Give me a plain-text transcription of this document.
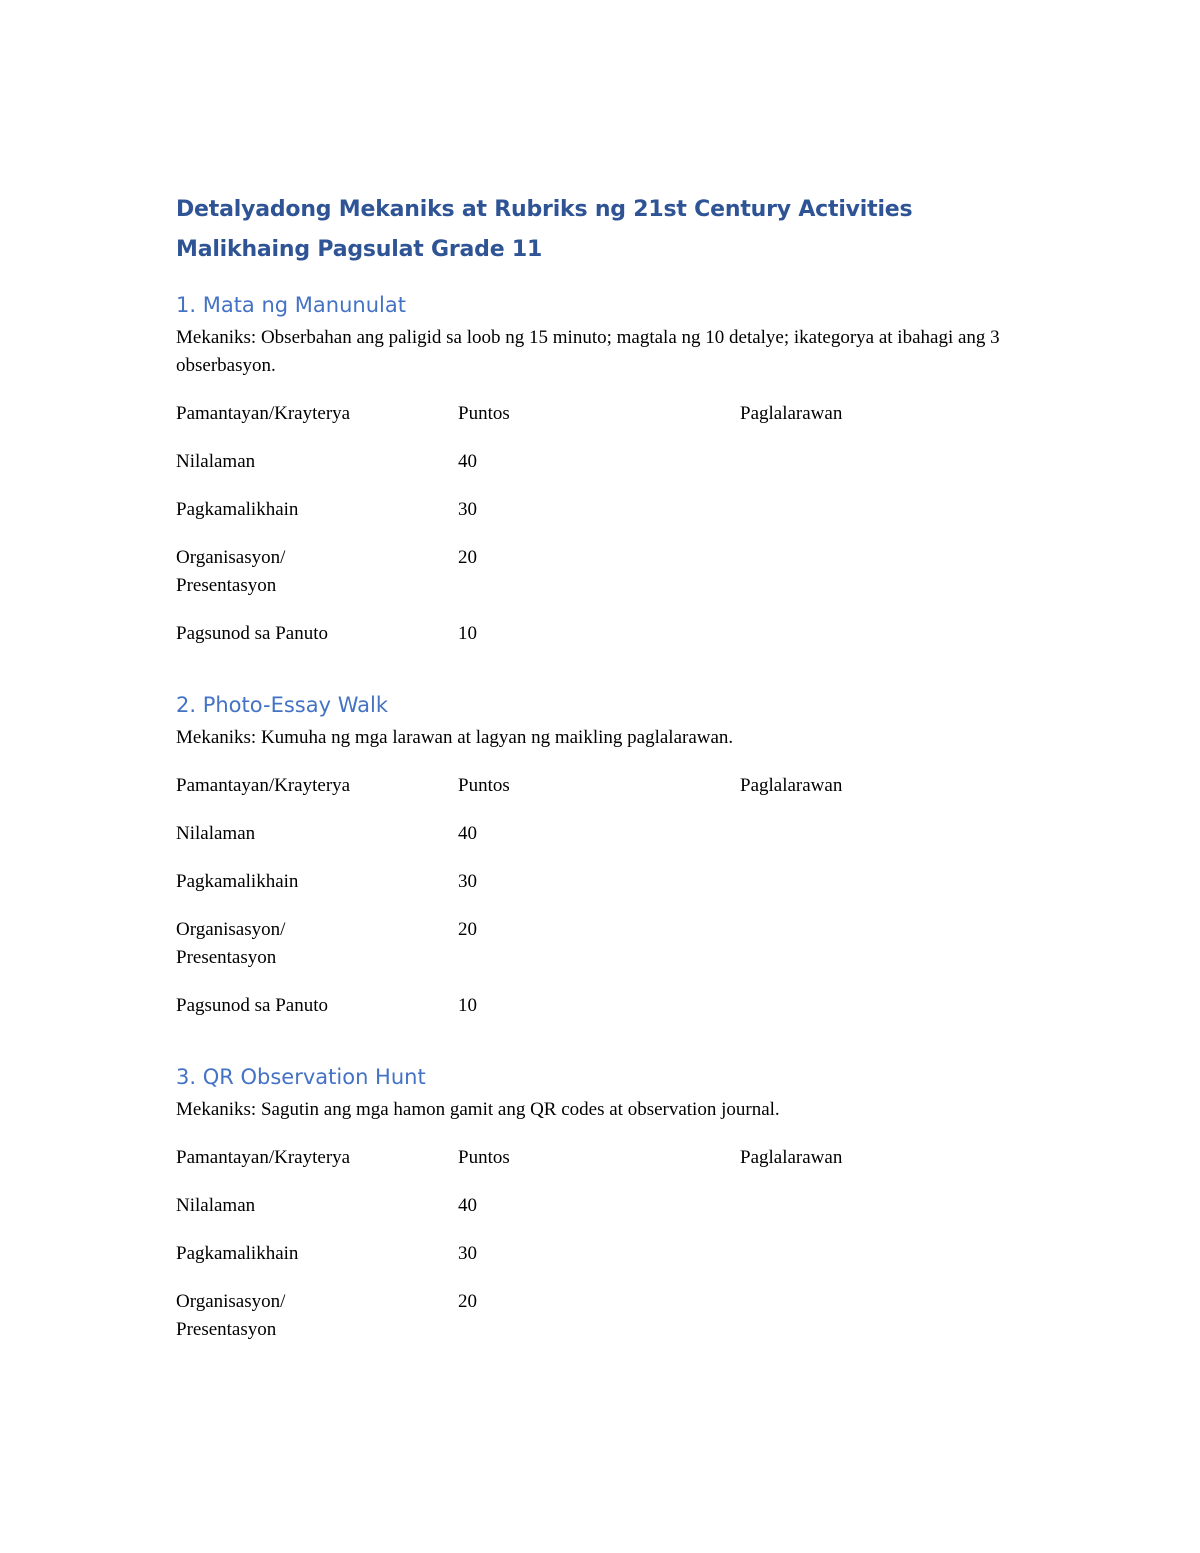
Detalyadong Mekaniks at Rubriks ng 21st Century Activities

Malikhaing Pagsulat Grade 11

1. Mata ng Manunulat

Mekaniks: Obserbahan ang paligid sa loob ng 15 minuto; magtala ng 10 detalye; ikategorya at ibahagi ang 3 obserbasyon.

Pamantayan/Krayterya	Puntos	Paglalarawan
Nilalaman	40	
Pagkamalikhain	30	

Organisasyon/ Presentasyon	20	
Pagsunod sa Panuto	10	

2. Photo-Essay Walk

Mekaniks: Kumuha ng mga larawan at lagyan ng maikling paglalarawan.

Pamantayan/Krayterya	Puntos	Paglalarawan
Nilalaman	40	
Pagkamalikhain	30	

Organisasyon/ Presentasyon	20	
Pagsunod sa Panuto	10	

3. QR Observation Hunt

Mekaniks: Sagutin ang mga hamon gamit ang QR codes at observation journal.

Pamantayan/Krayterya	Puntos	Paglalarawan
Nilalaman	40	
Pagkamalikhain	30	

Organisasyon/ Presentasyon	20	
